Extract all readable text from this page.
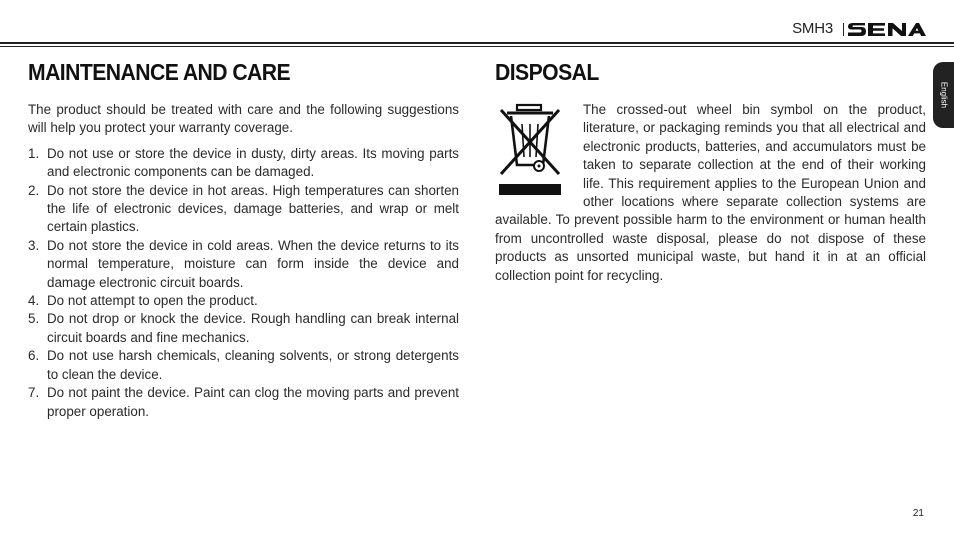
SMH3
English
MAINTENANCE AND CARE

The product should be treated with care and the following suggestions will help you protect your warranty coverage.

1. Do not use or store the device in dusty, dirty areas. Its moving parts and electronic components can be damaged.
2. Do not store the device in hot areas. High temperatures can shorten the life of electronic devices, damage batteries, and wrap or melt certain plastics.
3. Do not store the device in cold areas. When the device returns to its normal temperature, moisture can form inside the device and damage electronic circuit boards.
4. Do not attempt to open the product.
5. Do not drop or knock the device. Rough handling can break internal circuit boards and fine mechanics.
6. Do not use harsh chemicals, cleaning solvents, or strong detergents to clean the device.
7. Do not paint the device. Paint can clog the moving parts and prevent proper operation.
DISPOSAL

The crossed-out wheel bin symbol on the product, literature, or packaging reminds you that all electrical and electronic products, batteries, and accumulators must be taken to separate collection at the end of their working life. This requirement applies to the European Union and other locations where separate collection systems are available. To prevent possible harm to the environment or human health from uncontrolled waste disposal, please do not dispose of these products as unsorted municipal waste, but hand it in at an official collection point for recycling.

21
